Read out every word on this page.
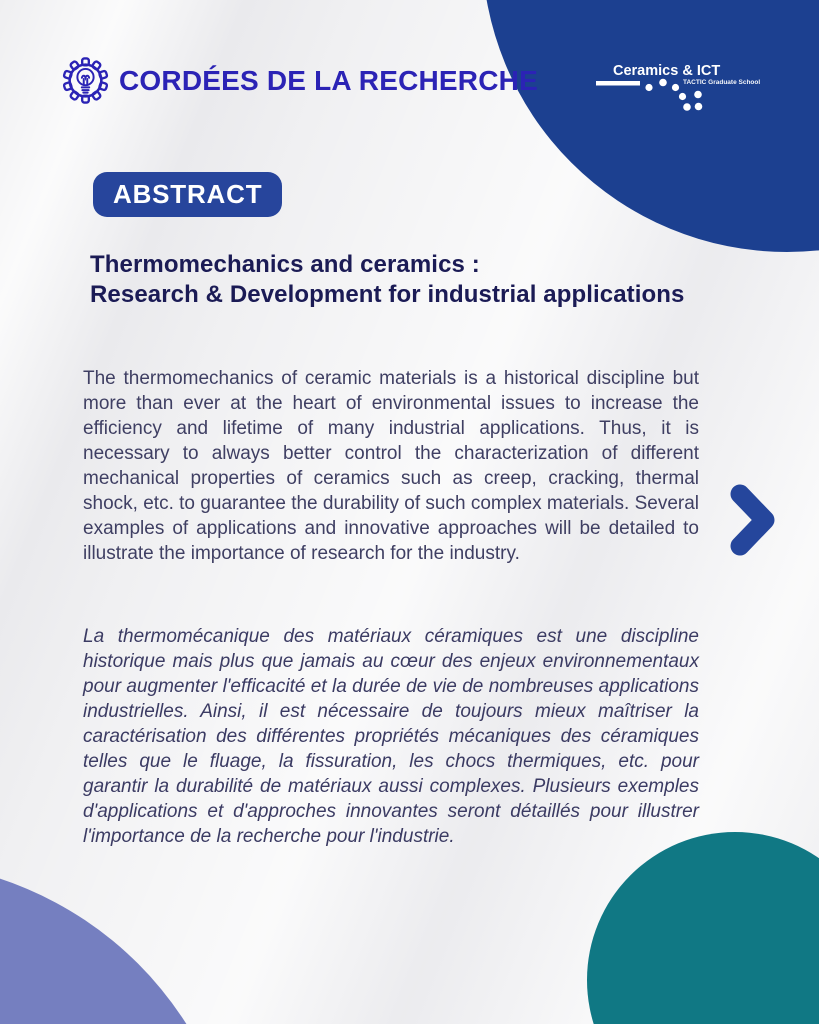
Ceramics & ICT
TACTIC Graduate School
CORDÉES DE LA RECHERCHE
ABSTRACT
Thermomechanics and ceramics :
Research & Development for industrial applications

The thermomechanics of ceramic materials is a historical discipline but more than ever at the heart of environmental issues to increase the efficiency and lifetime of many industrial applications. Thus, it is necessary to always better control the characterization of different mechanical properties of ceramics such as creep, cracking, thermal shock, etc. to guarantee the durability of such complex materials. Several examples of applications and innovative approaches will be detailed to illustrate the importance of research for the industry.

La thermomécanique des matériaux céramiques est une discipline historique mais plus que jamais au cœur des enjeux environnementaux pour augmenter l'efficacité et la durée de vie de nombreuses applications industrielles. Ainsi, il est nécessaire de toujours mieux maîtriser la caractérisation des différentes propriétés mécaniques des céramiques telles que le fluage, la fissuration, les chocs thermiques, etc. pour garantir la durabilité de matériaux aussi complexes. Plusieurs exemples d'applications et d'approches innovantes seront détaillés pour illustrer l'importance de la recherche pour l'industrie.
